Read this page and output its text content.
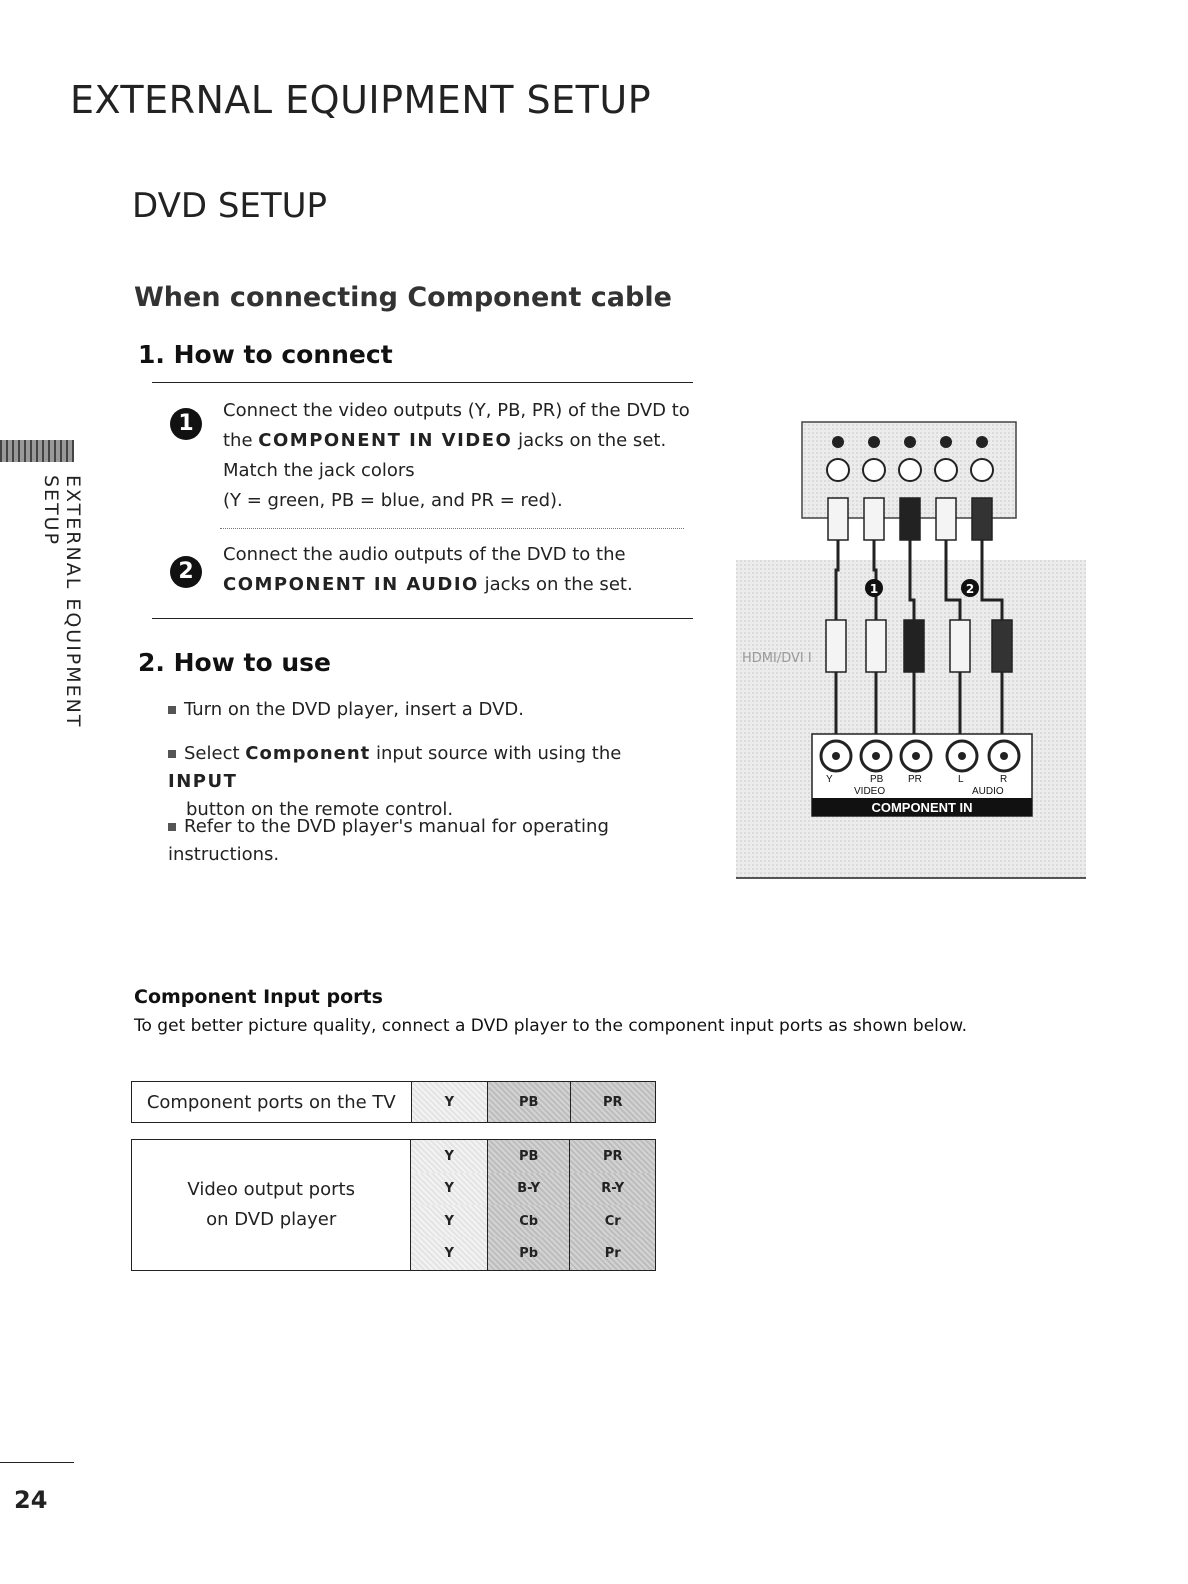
EXTERNAL EQUIPMENT SETUP
DVD SETUP
When connecting Component cable
EXTERNAL EQUIPMENT SETUP
1. How to connect
1
Connect the video outputs (Y, PB, PR) of the DVD to
the COMPONENT IN VIDEO jacks on the set.
Match the jack colors
(Y = green, PB = blue, and PR = red).
2
Connect the audio outputs of the DVD to the
COMPONENT IN AUDIO jacks on the set.
2. How to use
Turn on the DVD player, insert a DVD.
Select Component input source with using the INPUT
button on the remote control.
Refer to the DVD player's manual for operating instructions.
HDMI/DVI I
1	2
Y	PB PR	L	R
VIDEO	AUDIO
COMPONENT IN
Component Input ports
To get better picture quality, connect a DVD player to the component input ports as shown below.
Component ports on the TV	Y	PB	PR
Video output ports
on DVD player	Y	PB	PR
	Y	B-Y	R-Y
	Y	Cb	Cr
	Y	Pb	Pr
24
